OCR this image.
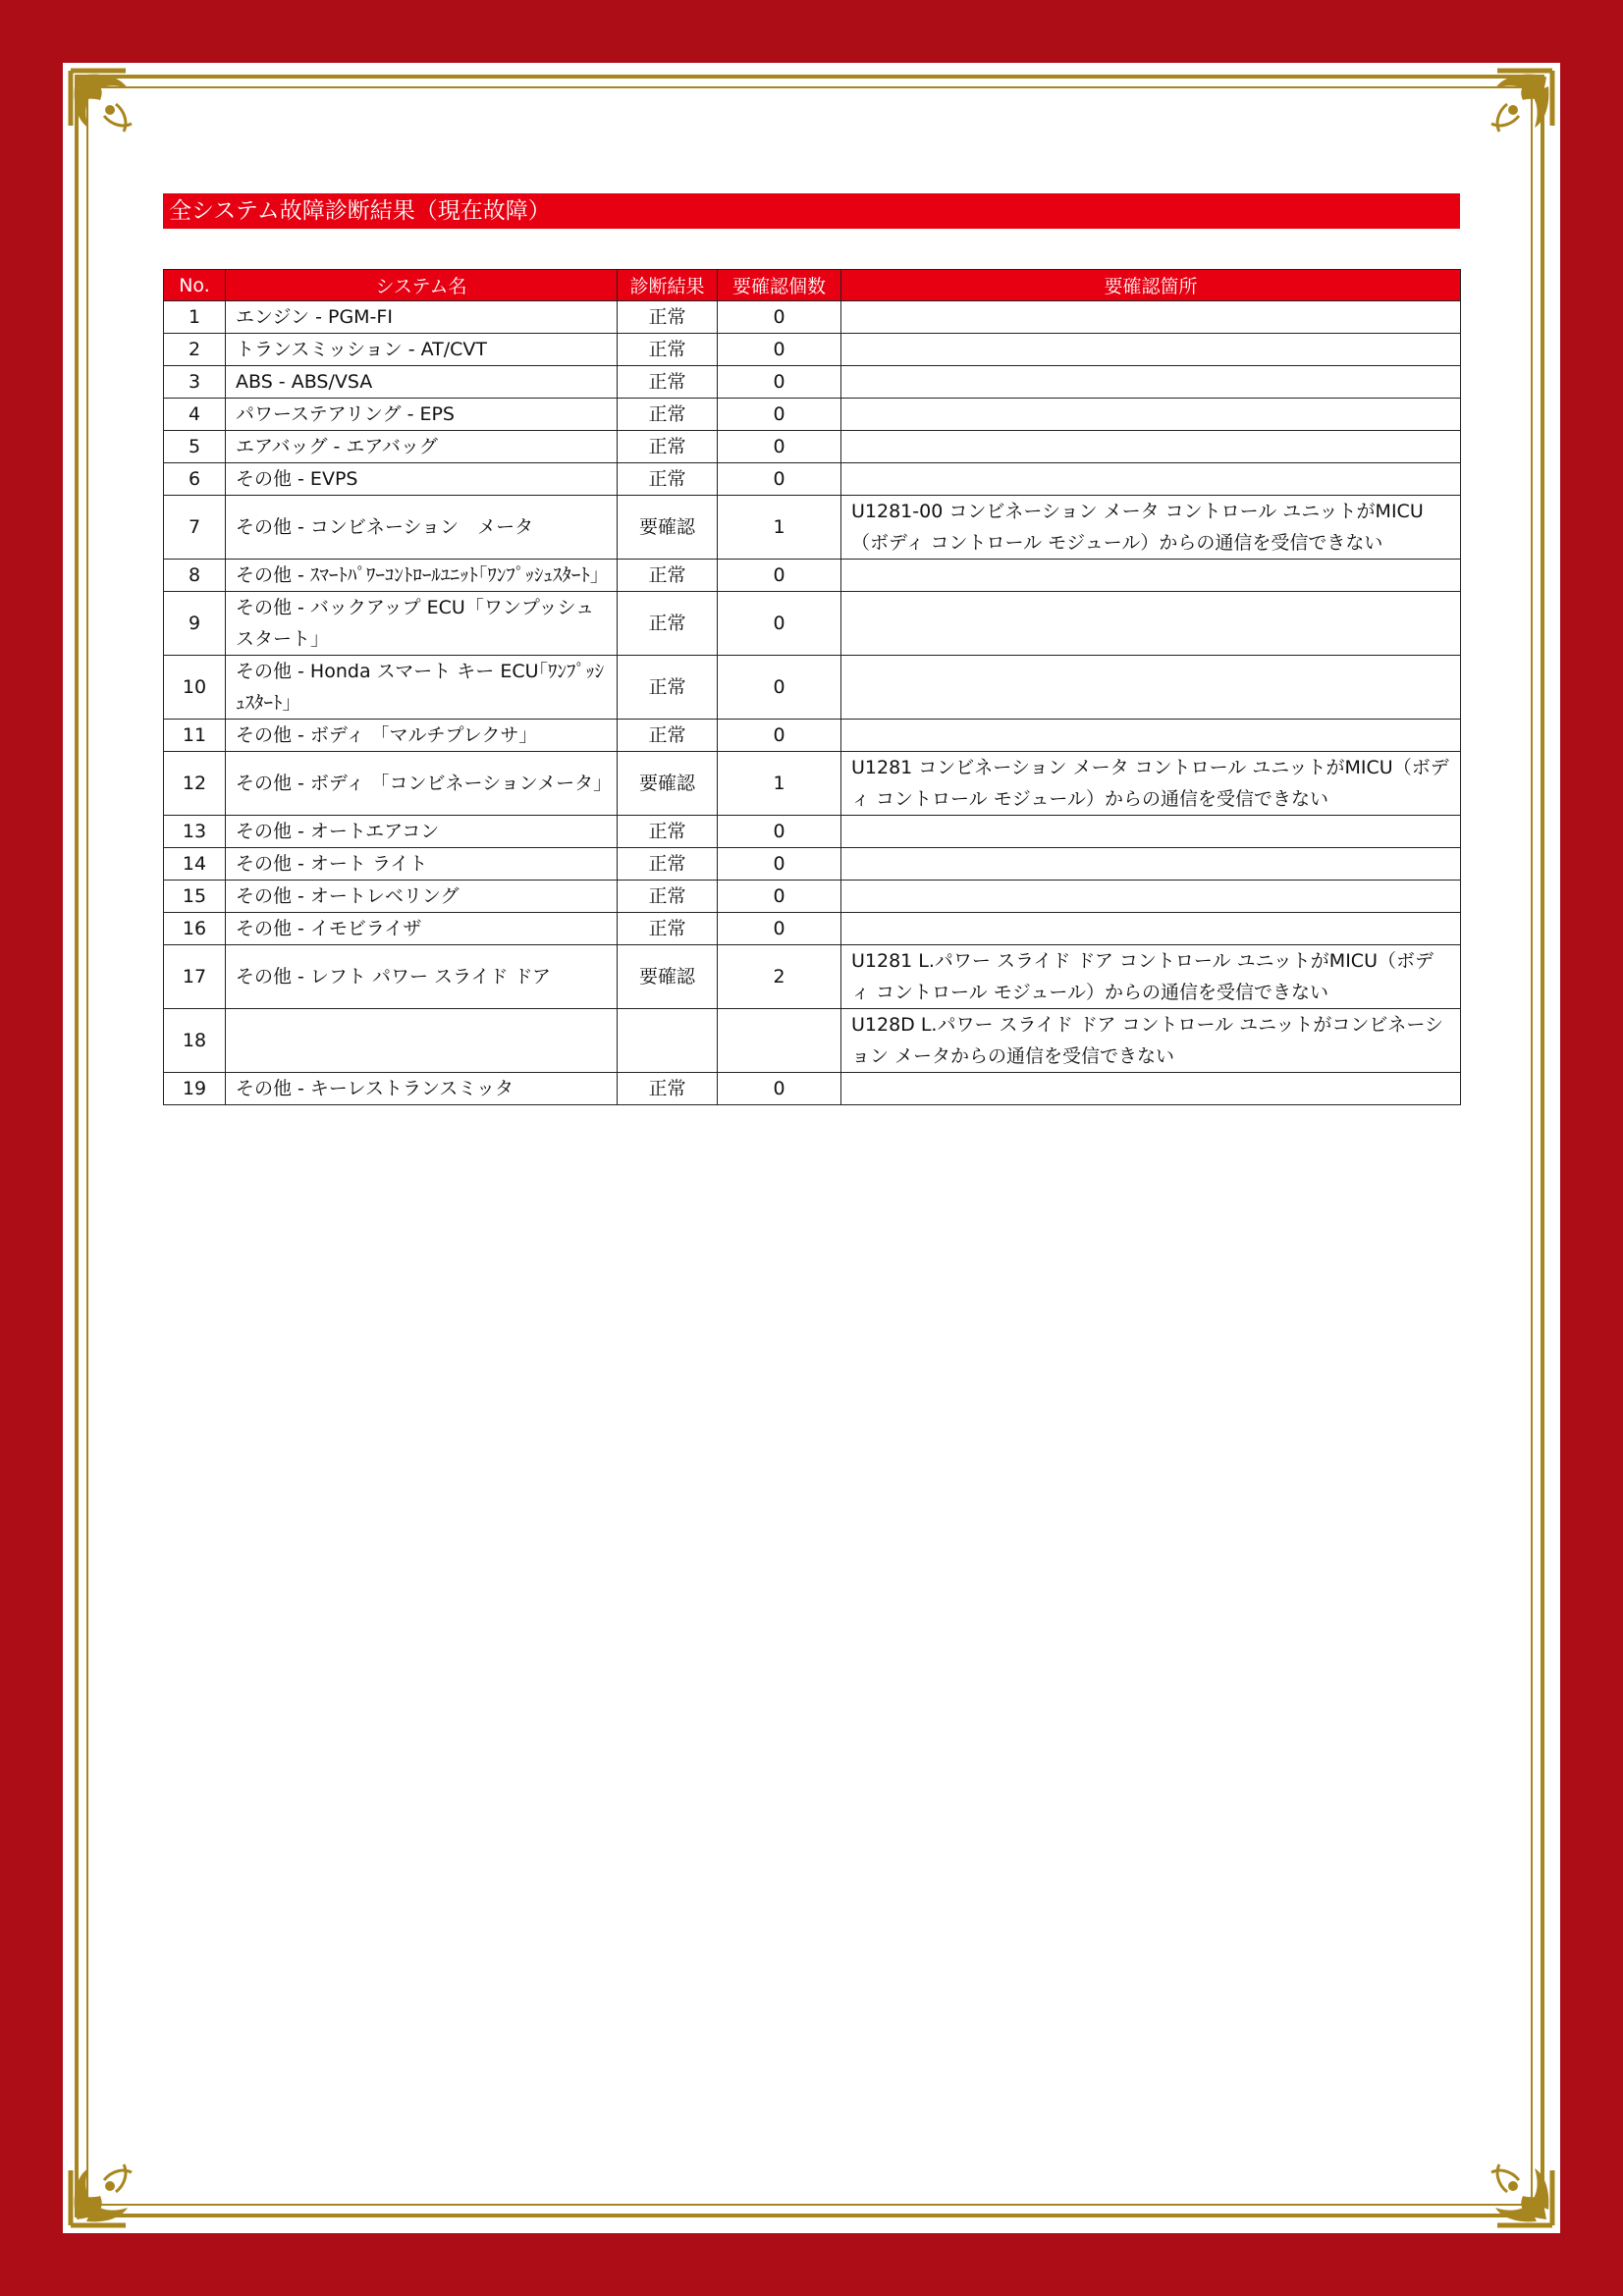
全システム故障診断結果（現在故障）
No.	システム名	診断結果	要確認個数	要確認箇所
1	エンジン - PGM-FI	正常	0	
2	トランスミッション - AT/CVT	正常	0	
3	ABS - ABS/VSA	正常	0	
4	パワーステアリング - EPS	正常	0	
5	エアバッグ - エアバッグ	正常	0	
6	その他 - EVPS	正常	0	
7	その他 - コンビネーション　メータ	要確認	1	U1281-00 コンビネーション メータ コントロール ユニットがMICU（ボディ コントロール モジュール）からの通信を受信できない
8	その他 - ｽﾏｰﾄﾊﾟﾜｰｺﾝﾄﾛｰﾙﾕﾆｯﾄ｢ﾜﾝﾌﾟｯｼｭｽﾀｰﾄ｣	正常	0	
9	その他 - バックアップ ECU「ワンプッシュスタート」	正常	0	
10	その他 - Honda スマート キー ECU｢ﾜﾝﾌﾟｯｼｭｽﾀｰﾄ｣	正常	0	
11	その他 - ボディ 「マルチプレクサ」	正常	0	
12	その他 - ボディ 「コンビネーションメータ」	要確認	1	U1281 コンビネーション メータ コントロール ユニットがMICU（ボディ コントロール モジュール）からの通信を受信できない
13	その他 - オートエアコン	正常	0	
14	その他 - オート ライト	正常	0	
15	その他 - オートレベリング	正常	0	
16	その他 - イモビライザ	正常	0	
17	その他 - レフト パワー スライド ドア	要確認	2	U1281 L.パワー スライド ドア コントロール ユニットがMICU（ボディ コントロール モジュール）からの通信を受信できない
18				U128D L.パワー スライド ドア コントロール ユニットがコンビネーション メータからの通信を受信できない
19	その他 - キーレストランスミッタ	正常	0	
